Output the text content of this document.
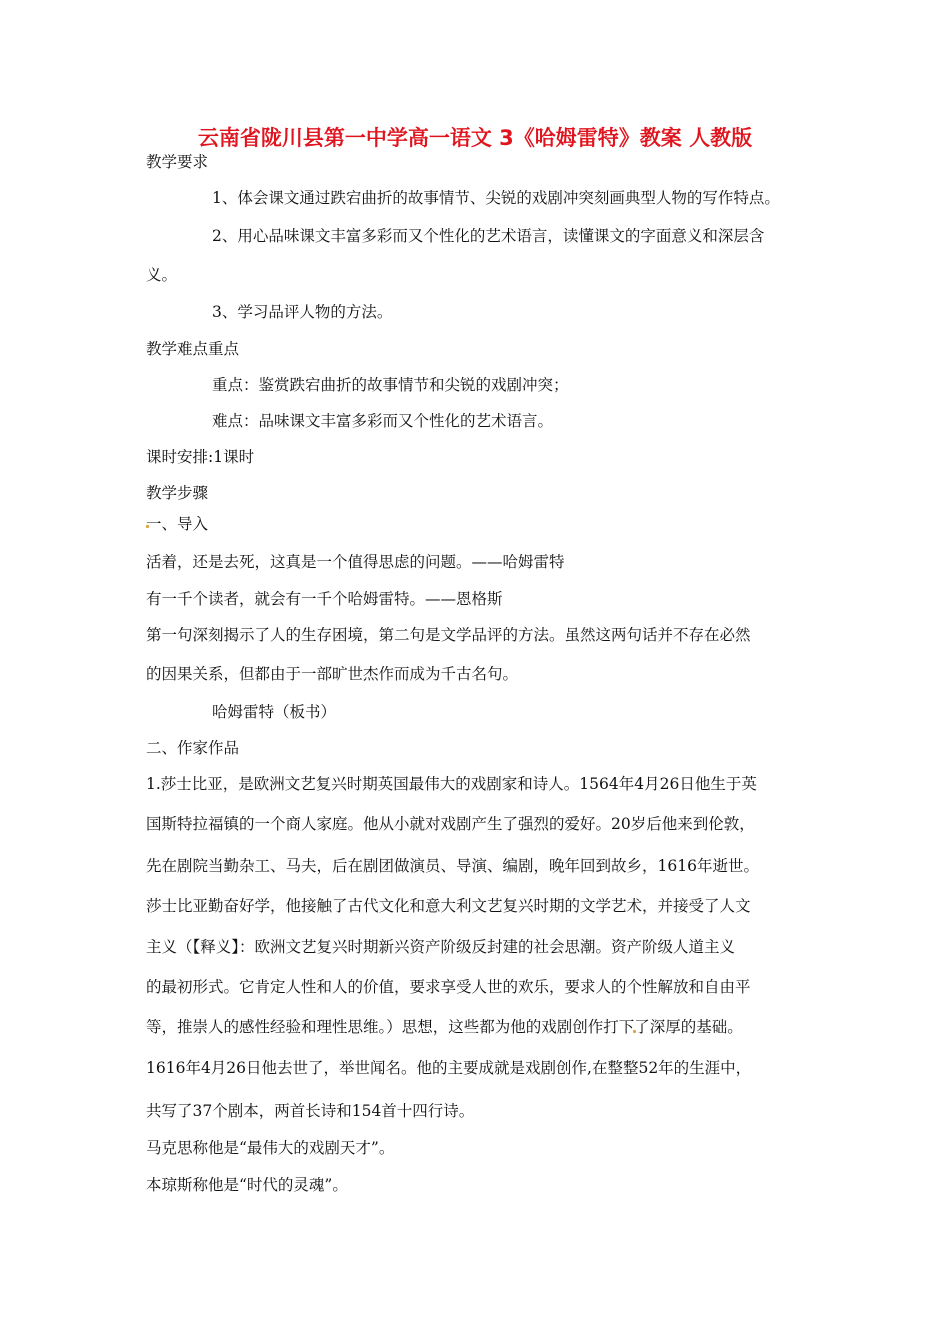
云南省陇川县第一中学高一语文 3《哈姆雷特》教案 人教版
教学要求
1、体会课文通过跌宕曲折的故事情节、尖锐的戏剧冲突刻画典型人物的写作特点。
2、用心品味课文丰富多彩而又个性化的艺术语言，读懂课文的字面意义和深层含
义。
3、学习品评人物的方法。
教学难点重点
重点：鉴赏跌宕曲折的故事情节和尖锐的戏剧冲突；
难点：品味课文丰富多彩而又个性化的艺术语言。
课时安排:1课时
教学步骤
一、导入
活着，还是去死，这真是一个值得思虑的问题。——哈姆雷特
有一千个读者，就会有一千个哈姆雷特。——恩格斯
第一句深刻揭示了人的生存困境，第二句是文学品评的方法。虽然这两句话并不存在必然
的因果关系，但都由于一部旷世杰作而成为千古名句。
哈姆雷特（板书）
二、作家作品
1.莎士比亚，是欧洲文艺复兴时期英国最伟大的戏剧家和诗人。1564年4月26日他生于英
国斯特拉福镇的一个商人家庭。他从小就对戏剧产生了强烈的爱好。20岁后他来到伦敦，
先在剧院当勤杂工、马夫，后在剧团做演员、导演、编剧，晚年回到故乡，1616年逝世。
莎士比亚勤奋好学，他接触了古代文化和意大利文艺复兴时期的文学艺术，并接受了人文
主义（【释义】：欧洲文艺复兴时期新兴资产阶级反封建的社会思潮。资产阶级人道主义
的最初形式。它肯定人性和人的价值，要求享受人世的欢乐，要求人的个性解放和自由平
等，推崇人的感性经验和理性思维。）思想，这些都为他的戏剧创作打下了深厚的基础。
1616年4月26日他去世了，举世闻名。他的主要成就是戏剧创作,在整整52年的生涯中，
共写了37个剧本，两首长诗和154首十四行诗。
马克思称他是“最伟大的戏剧天才”。
本琼斯称他是“时代的灵魂”。
